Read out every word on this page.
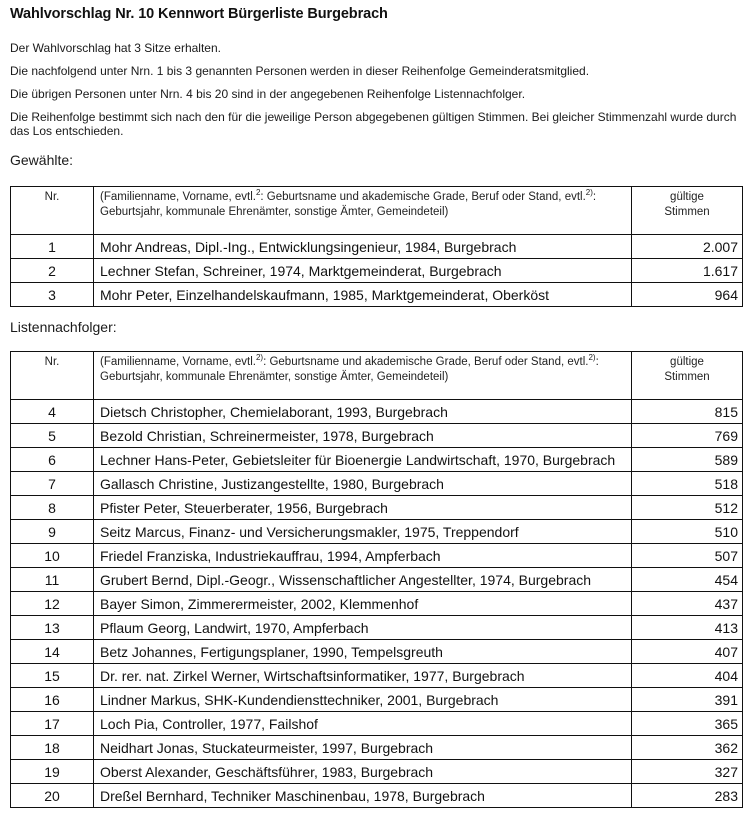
Wahlvorschlag Nr. 10 Kennwort Bürgerliste Burgebrach
Der Wahlvorschlag hat 3 Sitze erhalten.
Die nachfolgend unter Nrn. 1 bis 3 genannten Personen werden in dieser Reihenfolge Gemeinderatsmitglied.
Die übrigen Personen unter Nrn. 4 bis 20 sind in der angegebenen Reihenfolge Listennachfolger.
Die Reihenfolge bestimmt sich nach den für die jeweilige Person abgegebenen gültigen Stimmen. Bei gleicher Stimmenzahl wurde durch das Los entschieden.
Gewählte:
Nr.	(Familienname, Vorname, evtl.$^2$: Geburtsname und akademische Grade, Beruf oder Stand, evtl.$^{2)}$: Geburtsjahr, kommunale Ehrenämter, sonstige Ämter, Gemeindeteil)	gültige
Stimmen
1	Mohr Andreas, Dipl.-Ing., Entwicklungsingenieur, 1984, Burgebrach	2.007
2	Lechner Stefan, Schreiner, 1974, Marktgemeinderat, Burgebrach	1.617
3	Mohr Peter, Einzelhandelskaufmann, 1985, Marktgemeinderat, Oberköst	964
Listennachfolger:
Nr.	(Familienname, Vorname, evtl.$^{2)}$: Geburtsname und akademische Grade, Beruf oder Stand, evtl.$^{2)}$: Geburtsjahr, kommunale Ehrenämter, sonstige Ämter, Gemeindeteil)	gültige
Stimmen
4	Dietsch Christopher, Chemielaborant, 1993, Burgebrach	815
5	Bezold Christian, Schreinermeister, 1978, Burgebrach	769
6	Lechner Hans-Peter, Gebietsleiter für Bioenergie Landwirtschaft, 1970, Burgebrach	589
7	Gallasch Christine, Justizangestellte, 1980, Burgebrach	518
8	Pfister Peter, Steuerberater, 1956, Burgebrach	512
9	Seitz Marcus, Finanz- und Versicherungsmakler, 1975, Treppendorf	510
10	Friedel Franziska, Industriekauffrau, 1994, Ampferbach	507
11	Grubert Bernd, Dipl.-Geogr., Wissenschaftlicher Angestellter, 1974, Burgebrach	454
12	Bayer Simon, Zimmerermeister, 2002, Klemmenhof	437
13	Pflaum Georg, Landwirt, 1970, Ampferbach	413
14	Betz Johannes, Fertigungsplaner, 1990, Tempelsgreuth	407
15	Dr. rer. nat. Zirkel Werner, Wirtschaftsinformatiker, 1977, Burgebrach	404
16	Lindner Markus, SHK-Kundendiensttechniker, 2001, Burgebrach	391
17	Loch Pia, Controller, 1977, Failshof	365
18	Neidhart Jonas, Stuckateurmeister, 1997, Burgebrach	362
19	Oberst Alexander, Geschäftsführer, 1983, Burgebrach	327
20	Dreßel Bernhard, Techniker Maschinenbau, 1978, Burgebrach	283
